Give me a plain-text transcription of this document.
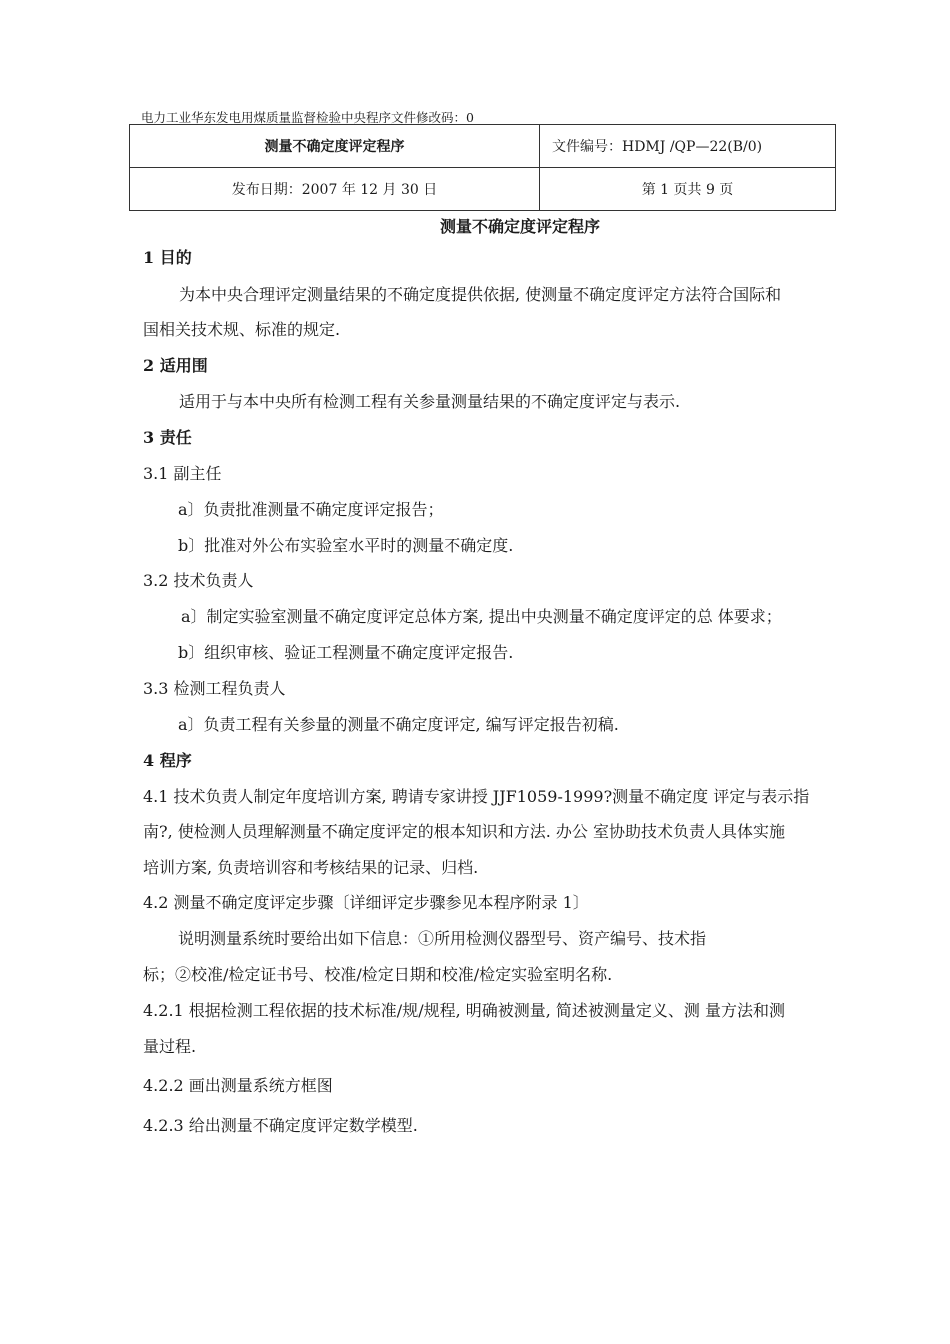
电力工业华东发电用煤质量监督检验中央程序文件修改码：0
测量不确定度评定程序	文件编号：HDMJ /QP—22(B/0)
发布日期：2007 年 12 月 30 日	第 1 页共 9 页
测量不确定度评定程序
1 目的
为本中央合理评定测量结果的不确定度提供依据, 使测量不确定度评定方法符合国际和
国相关技术规、标准的规定.
2 适用围
适用于与本中央所有检测工程有关参量测量结果的不确定度评定与表示.
3 责任
3.1 副主任
a〕负责批准测量不确定度评定报告；
b〕批准对外公布实验室水平时的测量不确定度.
3.2 技术负责人
a〕制定实验室测量不确定度评定总体方案, 提出中央测量不确定度评定的总 体要求；
b〕组织审核、验证工程测量不确定度评定报告.
3.3 检测工程负责人
a〕负责工程有关参量的测量不确定度评定, 编写评定报告初稿.
4 程序
4.1 技术负责人制定年度培训方案, 聘请专家讲授 JJF1059-1999?测量不确定度 评定与表示指
南?, 使检测人员理解测量不确定度评定的根本知识和方法. 办公 室协助技术负责人具体实施
培训方案, 负责培训容和考核结果的记录、归档.
4.2 测量不确定度评定步骤〔详细评定步骤参见本程序附录 1〕
说明测量系统时要给出如下信息：①所用检测仪器型号、资产编号、技术指
标；②校准/检定证书号、校准/检定日期和校准/检定实验室明名称.
4.2.1 根据检测工程依据的技术标准/规/规程, 明确被测量, 简述被测量定义、测 量方法和测
量过程.
4.2.2 画出测量系统方框图
4.2.3 给出测量不确定度评定数学模型.
